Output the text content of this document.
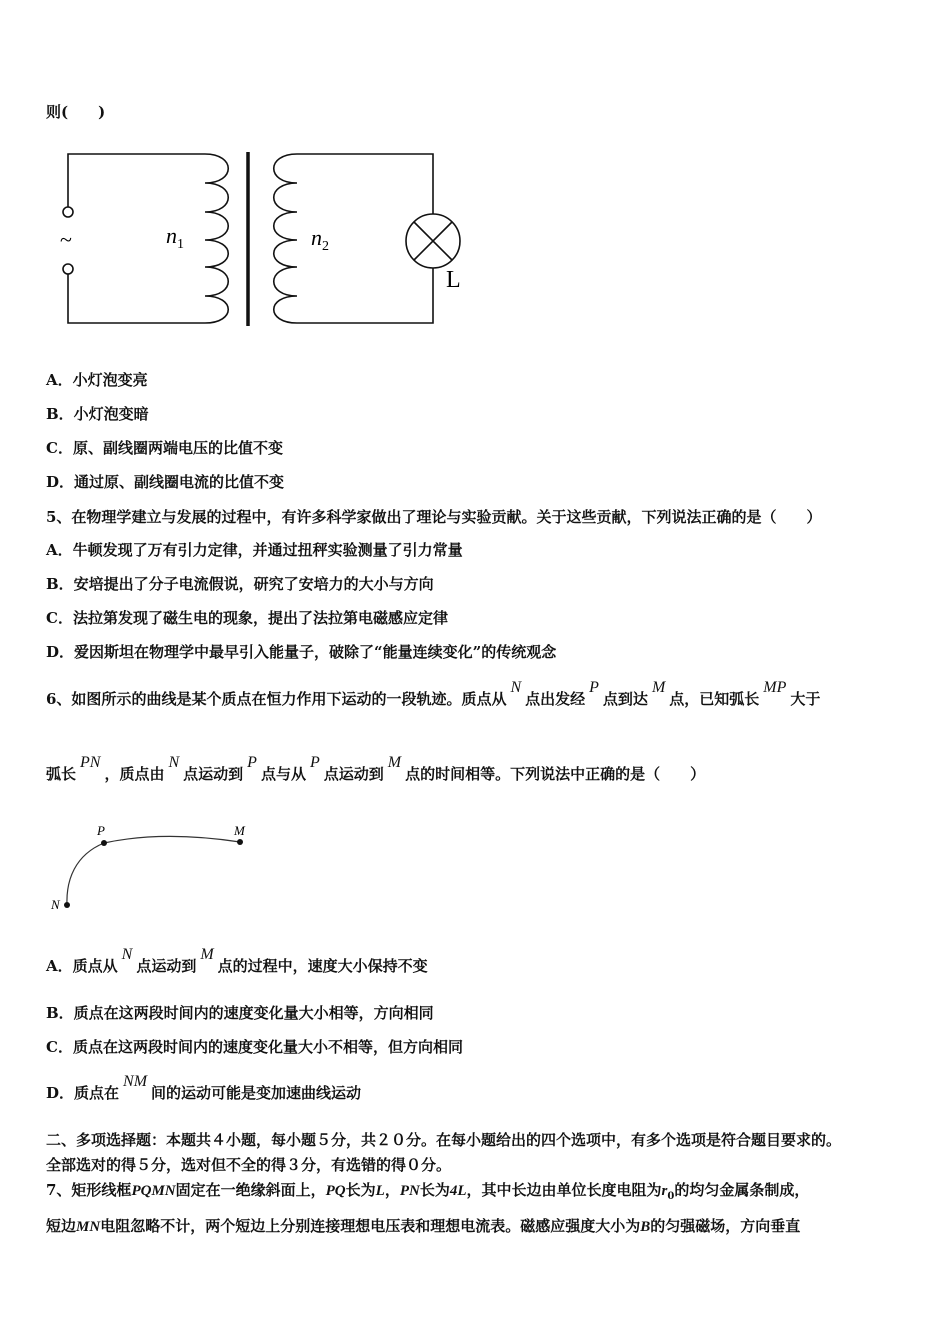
则(　　)
~	$n_1$	$n_2$
L
A．小灯泡变亮
B．小灯泡变暗
C．原、副线圈两端电压的比值不变
D．通过原、副线圈电流的比值不变
5、在物理学建立与发展的过程中，有许多科学家做出了理论与实验贡献。关于这些贡献，下列说法正确的是（　　）
A．牛顿发现了万有引力定律，并通过扭秤实验测量了引力常量
B．安培提出了分子电流假说，研究了安培力的大小与方向
C．法拉第发现了磁生电的现象，提出了法拉第电磁感应定律
D．爱因斯坦在物理学中最早引入能量子，破除了“能量连续变化”的传统观念
6、如图所示的曲线是某个质点在恒力作用下运动的一段轨迹。质点从N点出发经P点到达M点，已知弧长MP大于
弧长PN，质点由N点运动到P点与从P点运动到M点的时间相等。下列说法中正确的是（　　）
P	M
N
A．质点从N点运动到M点的过程中，速度大小保持不变
B．质点在这两段时间内的速度变化量大小相等，方向相同
C．质点在这两段时间内的速度变化量大小不相等，但方向相同
D．质点在NM间的运动可能是变加速曲线运动
二、多项选择题：本题共４小题，每小题５分，共２０分。在每小题给出的四个选项中，有多个选项是符合题目要求的。
全部选对的得５分，选对但不全的得３分，有选错的得０分。
7、矩形线框PQMN固定在一绝缘斜面上，PQ长为L，PN长为4L，其中长边由单位长度电阻为$r_0$的均匀金属条制成，
短边MN电阻忽略不计，两个短边上分别连接理想电压表和理想电流表。磁感应强度大小为B的匀强磁场，方向垂直
